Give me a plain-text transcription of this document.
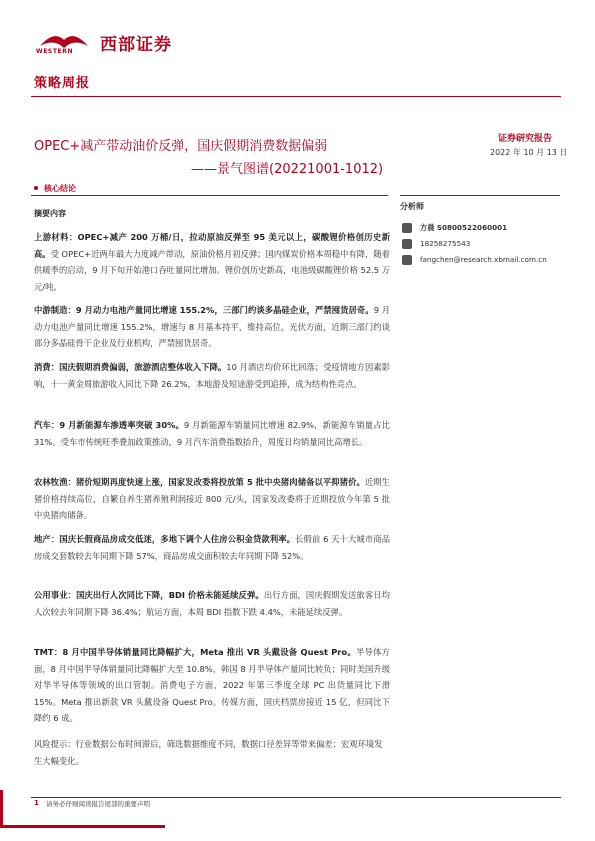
WESTERN 西部证券
策略周报
OPEC+减产带动油价反弹，国庆假期消费数据偏弱
——景气图谱(20221001-1012)
证券研究报告
2022 年 10 月 13 日
核心结论
摘要内容
上游材料：OPEC+减产 200 万桶/日，拉动原油反弹至 95 美元以上，碳酸锂价格创历史新高。受 OPEC+近两年最大力度减产带动，原油价格月初反弹；国内煤炭价格本周稳中有降，随着供暖季的启动，9 月下旬开始港口吞吐量同比增加。锂价创历史新高，电池级碳酸锂价格 52.5 万元/吨。
中游制造：9 月动力电池产量同比增速 155.2%，三部门约谈多晶硅企业，严禁囤货居奇。9 月动力电池产量同比增速 155.2%，增速与 8 月基本持平，维持高位。光伏方面，近期三部门约谈部分多晶硅骨干企业及行业机构，严禁囤货居奇。
消费：国庆假期消费偏弱，旅游酒店整体收入下降。10 月酒店均价环比回落；受疫情地方因素影响，十一黄金周旅游收入同比下降 26.2%，本地游及短途游受到追捧，成为结构性亮点。
汽车：9 月新能源车渗透率突破 30%。9 月新能源车销量同比增速 82.9%，新能源车销量占比 31%。受车市传统旺季叠加政策推动，9 月汽车消费指数抬升，周度日均销量同比高增长。
农林牧渔：猪价短期再度快速上涨，国家发改委将投放第 5 批中央猪肉储备以平抑猪价。近期生猪价格持续高位，自繁自养生猪养殖利润接近 800 元/头，国家发改委将于近期投放今年第 5 批中央猪肉储备。
地产：国庆长假商品房成交低迷，多地下调个人住房公积金贷款利率。长假前 6 天十大城市商品房成交套数较去年同期下降 57%，商品房成交面积较去年同期下降 52%。
公用事业：国庆出行人次同比下降，BDI 价格未能延续反弹。出行方面，国庆假期发送旅客日均人次较去年同期下降 36.4%；航运方面，本周 BDI 指数下跌 4.4%，未能延续反弹。
TMT：8 月中国半导体销量同比降幅扩大，Meta 推出 VR 头戴设备 Quest Pro。半导体方面，8 月中国半导体销量同比降幅扩大至 10.8%，韩国 8 月半导体产量同比转负；同时美国升级对华半导体等领域的出口管制。消费电子方面，2022 年第三季度全球 PC 出货量同比下滑 15%。Meta 推出新款 VR 头戴设备 Quest Pro。传媒方面，国庆档票房接近 15 亿，但同比下降约 6 成。
风险提示：行业数据公布时间滞后，筛选数据维度不同，数据口径差异等带来偏差；宏观环境发生大幅变化。
分析师
方晨 S0800522060001
18258275543
fangchen@research.xbmail.com.cn
1 请务必仔细阅读报告尾部的重要声明
